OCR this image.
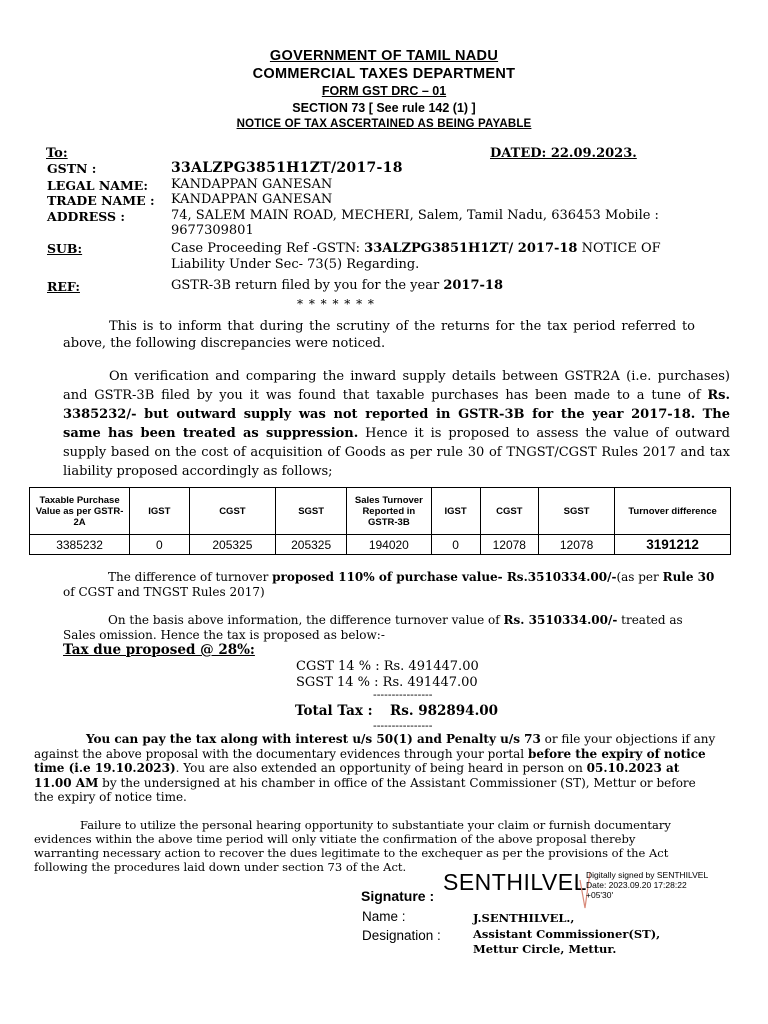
GOVERNMENT OF TAMIL NADU
COMMERCIAL TAXES DEPARTMENT
FORM GST DRC – 01
SECTION 73 [ See rule 142 (1) ]
NOTICE OF TAX ASCERTAINED AS BEING PAYABLE
To:	DATED: 22.09.2023.
GSTN :	33ALZPG3851H1ZT/2017-18
LEGAL NAME: KANDAPPAN GANESAN
TRADE NAME : KANDAPPAN GANESAN
ADDRESS :	74, SALEM MAIN ROAD, MECHERI, Salem, Tamil Nadu, 636453 Mobile :
9677309801
SUB:	Case Proceeding Ref -GSTN: 33ALZPG3851H1ZT/ 2017-18 NOTICE OF
Liability Under Sec- 73(5) Regarding.
REF:	GSTR-3B return filed by you for the year 2017-18
* * * * * * *
This is to inform that during the scrutiny of the returns for the tax period referred to above, the following discrepancies were noticed.
On verification and comparing the inward supply details between GSTR2A (i.e. purchases) and GSTR-3B filed by you it was found that taxable purchases has been made to a tune of Rs. 3385232/- but outward supply was not reported in GSTR-3B for the year 2017-18. The same has been treated as suppression. Hence it is proposed to assess the value of outward supply based on the cost of acquisition of Goods as per rule 30 of TNGST/CGST Rules 2017 and tax liability proposed accordingly as follows;
Taxable Purchase Value as per GSTR-2A	IGST	CGST	SGST	Sales Turnover Reported in GSTR-3B	IGST	CGST	SGST	Turnover difference
3385232	0	205325	205325	194020	0	12078	12078	3191212
The difference of turnover proposed 110% of purchase value- Rs.3510334.00/-(as per Rule 30
of CGST and TNGST Rules 2017)
On the basis above information, the difference turnover value of Rs. 3510334.00/- treated as
Sales omission. Hence the tax is proposed as below:-
Tax due proposed @ 28%:
CGST 14 % : Rs. 491447.00
SGST 14 % : Rs. 491447.00
----------------
Total Tax : Rs. 982894.00
----------------
You can pay the tax along with interest u/s 50(1) and Penalty u/s 73 or file your objections if any
against the above proposal with the documentary evidences through your portal before the expiry of notice
time (i.e 19.10.2023). You are also extended an opportunity of being heard in person on 05.10.2023 at
11.00 AM by the undersigned at his chamber in office of the Assistant Commissioner (ST), Mettur or before
the expiry of notice time.
Failure to utilize the personal hearing opportunity to substantiate your claim or furnish documentary
evidences within the above time period will only vitiate the confirmation of the above proposal thereby
warranting necessary action to recover the dues legitimate to the exchequer as per the provisions of the Act
following the procedures laid down under section 73 of the Act.
Signature :
SENTHILVEL Digitally signed by SENTHILVEL
Date: 2023.09.20 17:28:22
+05'30'
Name :	J.SENTHILVEL.,
Designation :	Assistant Commissioner(ST),
Mettur Circle, Mettur.
